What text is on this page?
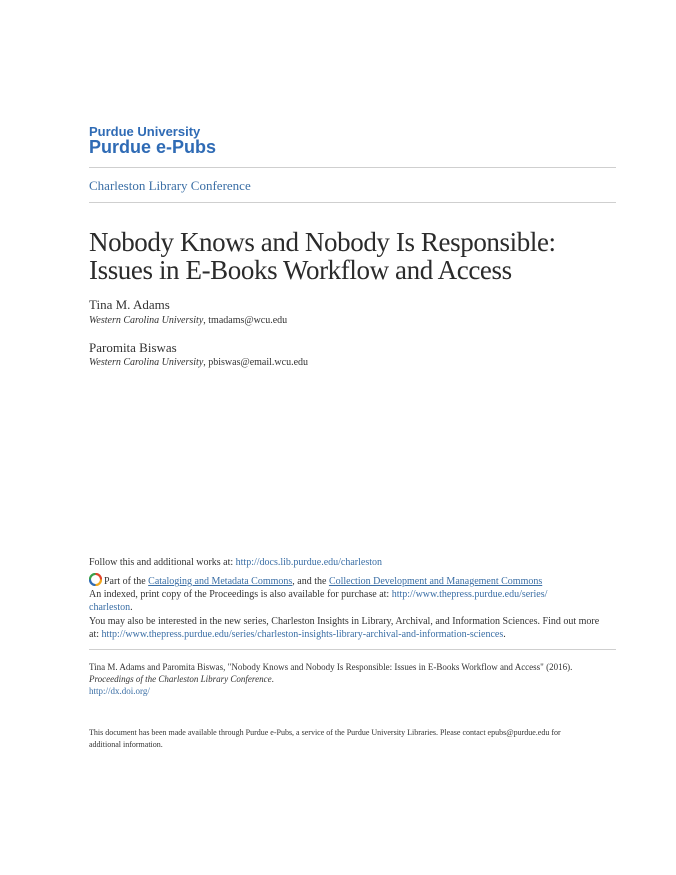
Purdue University
Purdue e-Pubs
Charleston Library Conference
Nobody Knows and Nobody Is Responsible:
Issues in E-Books Workflow and Access
Tina M. Adams
Western Carolina University, tmadams@wcu.edu
Paromita Biswas
Western Carolina University, pbiswas@email.wcu.edu
Follow this and additional works at: http://docs.lib.purdue.edu/charleston
Part of the Cataloging and Metadata Commons, and the Collection Development and Management Commons
An indexed, print copy of the Proceedings is also available for purchase at: http://www.thepress.purdue.edu/series/
charleston.
You may also be interested in the new series, Charleston Insights in Library, Archival, and Information Sciences. Find out more at: http://www.thepress.purdue.edu/series/charleston-insights-library-archival-and-information-sciences.
Tina M. Adams and Paromita Biswas, "Nobody Knows and Nobody Is Responsible: Issues in E-Books Workflow and Access" (2016).
Proceedings of the Charleston Library Conference.
http://dx.doi.org/
This document has been made available through Purdue e-Pubs, a service of the Purdue University Libraries. Please contact epubs@purdue.edu for
additional information.
